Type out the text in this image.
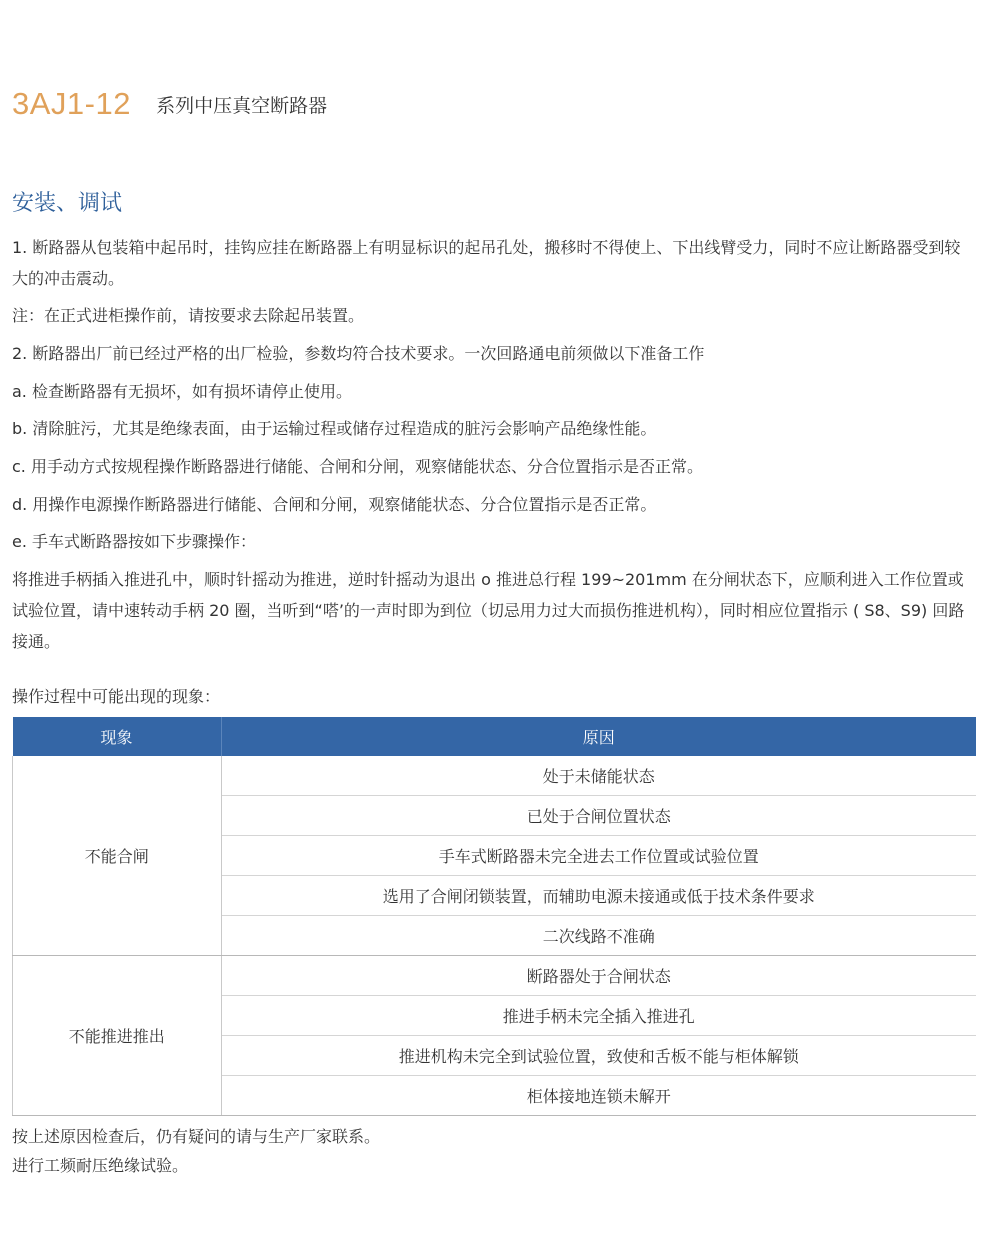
3AJ1-12 系列中压真空断路器
安装、调试

1. 断路器从包装箱中起吊时，挂钩应挂在断路器上有明显标识的起吊孔处，搬移时不得使上、下出线臂受力，同时不应让断路器受到较大的冲击震动。

注：在正式进柜操作前，请按要求去除起吊装置。

2. 断路器出厂前已经过严格的出厂检验，参数均符合技术要求。一次回路通电前须做以下准备工作

a. 检查断路器有无损坏，如有损坏请停止使用。

b. 清除脏污，尤其是绝缘表面，由于运输过程或储存过程造成的脏污会影响产品绝缘性能。

c. 用手动方式按规程操作断路器进行储能、合闸和分闸，观察储能状态、分合位置指示是否正常。

d. 用操作电源操作断路器进行储能、合闸和分闸，观察储能状态、分合位置指示是否正常。

e. 手车式断路器按如下步骤操作：

将推进手柄插入推进孔中，顺时针摇动为推进，逆时针摇动为退出 o 推进总行程 199~201mm 在分闸状态下，应顺利进入工作位置或试验位置，请中速转动手柄 20 圈，当听到“嗒’的一声时即为到位（切忌用力过大而损伤推进机构），同时相应位置指示 ( S8、S9) 回路接通。

操作过程中可能出现的现象：

现象	原因
不能合闸	处于未储能状态
	已处于合闸位置状态
	手车式断路器未完全进去工作位置或试验位置
	选用了合闸闭锁装置，而辅助电源未接通或低于技术条件要求
	二次线路不准确
不能推进推出	断路器处于合闸状态
	推进手柄未完全插入推进孔
	推进机构未完全到试验位置，致使和舌板不能与柜体解锁
	柜体接地连锁未解开
按上述原因检查后，仍有疑问的请与生产厂家联系。
进行工频耐压绝缘试验。
